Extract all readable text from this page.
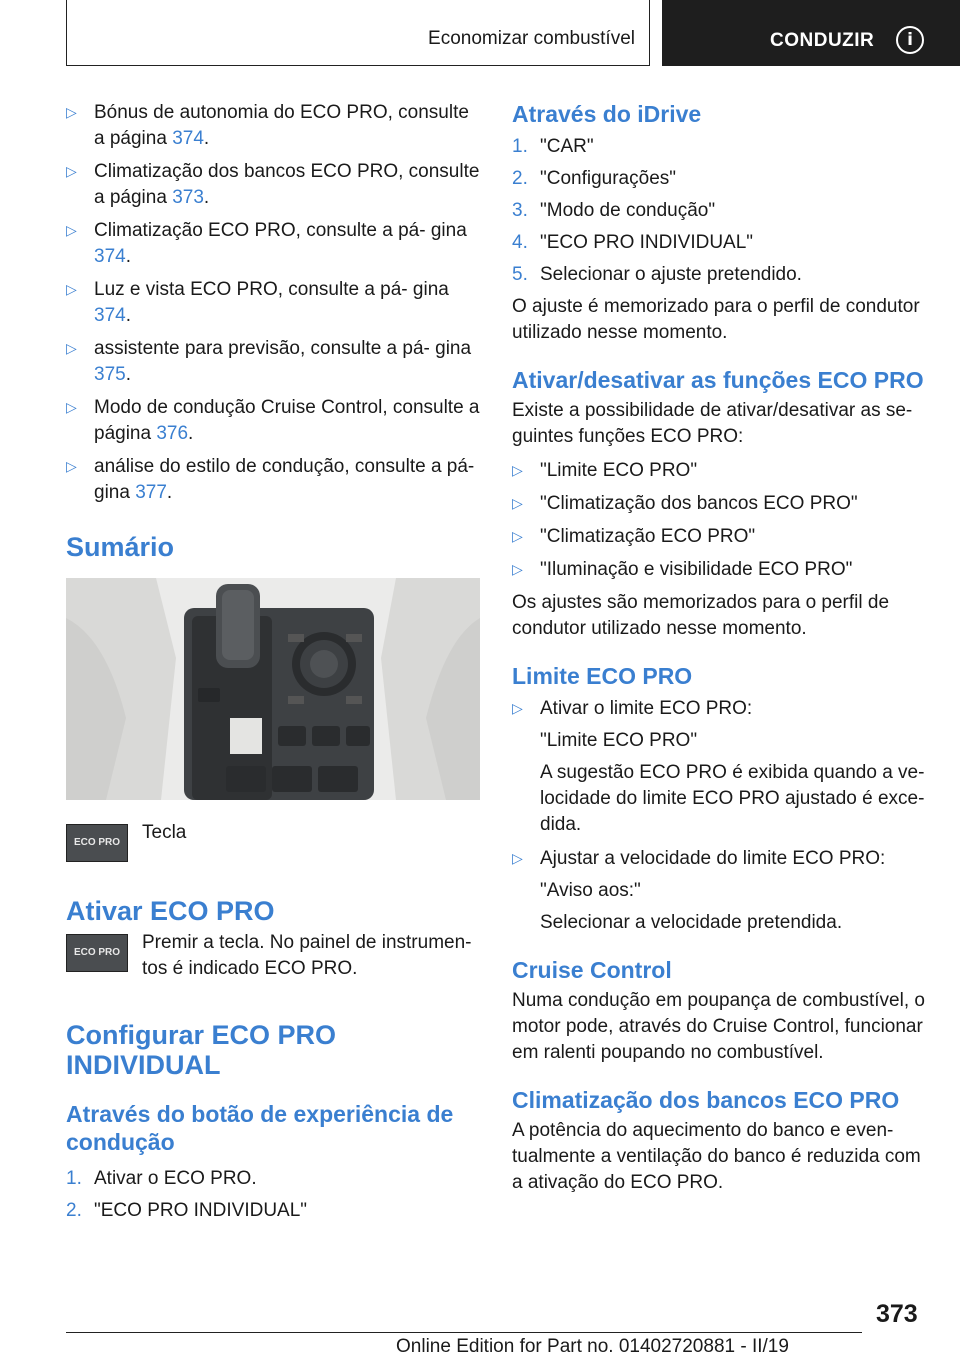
Economizar combustível	CONDUZIR	i
▷ Bónus de autonomia do ECO PRO, consulte a página 374.
▷ Climatização dos bancos ECO PRO, consulte a página 373.
▷ Climatização ECO PRO, consulte a pá- gina 374.
▷ Luz e vista ECO PRO, consulte a pá- gina 374.
▷ assistente para previsão, consulte a pá- gina 375.
▷ Modo de condução Cruise Control, consulte a página 376.
▷ análise do estilo de condução, consulte a pá- gina 377.
Sumário
ECO PRO	Tecla
Ativar ECO PRO
ECO PRO	Premir a tecla. No painel de instrumen- tos é indicado ECO PRO.
Configurar ECO PRO INDIVIDUAL
Através do botão de experiência de condução
1. Ativar o ECO PRO.
2. "ECO PRO INDIVIDUAL"
Através do iDrive
1. "CAR"
2. "Configurações"
3. "Modo de condução"
4. "ECO PRO INDIVIDUAL"
5. Selecionar o ajuste pretendido.
O ajuste é memorizado para o perfil de condutor utilizado nesse momento.
Ativar/desativar as funções ECO PRO
Existe a possibilidade de ativar/desativar as se- guintes funções ECO PRO:
▷ "Limite ECO PRO"
▷ "Climatização dos bancos ECO PRO"
▷ "Climatização ECO PRO"
▷ "Iluminação e visibilidade ECO PRO"
Os ajustes são memorizados para o perfil de condutor utilizado nesse momento.
Limite ECO PRO
▷ Ativar o limite ECO PRO:
"Limite ECO PRO"
A sugestão ECO PRO é exibida quando a ve- locidade do limite ECO PRO ajustado é exce- dida.
▷ Ajustar a velocidade do limite ECO PRO:
"Aviso aos:"
Selecionar a velocidade pretendida.
Cruise Control
Numa condução em poupança de combustível, o motor pode, através do Cruise Control, funcionar em ralenti poupando no combustível.
Climatização dos bancos ECO PRO
A potência do aquecimento do banco e even- tualmente a ventilação do banco é reduzida com a ativação do ECO PRO.
373
Online Edition for Part no. 01402720881 - II/19
